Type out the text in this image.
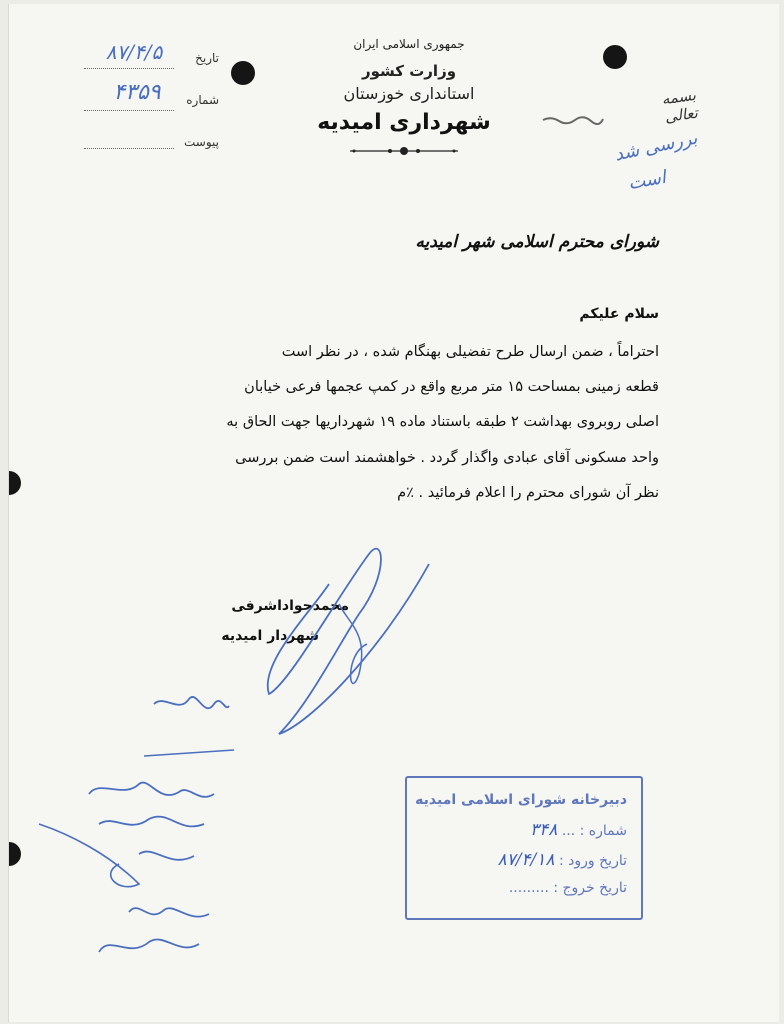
جمهوری اسلامی ایران
وزارت کشور
استانداری خوزستان
شهرداری امیدیه
تاریخ
۸۷/۴/۵
شماره
۴۳۵۹
پیوست
بسمه تعالی
بررسی شد
است
شورای محترم اسلامی شهر امیدیه
سلام علیکم
احتراماً ، ضمن ارسال طرح تفضیلی بهنگام شده ، در نظر است
قطعه زمینی بمساحت ۱۵ متر مربع واقع در کمپ عجمها فرعی خیابان
اصلی روبروی بهداشت ۲ طبقه باستناد ماده ۱۹ شهرداریها جهت الحاق به
واحد مسکونی آقای عبادی واگذار گردد . خواهشمند است ضمن بررسی
نظر آن شورای محترم را اعلام فرمائید . ٪م
محمدجواداشرفی
شهردار امیدیه
دبیرخانه شورای اسلامی امیدیه
شماره : ... ۳۴۸
تاریخ ورود : ۸۷/۴/۱۸
تاریخ خروج : .........
